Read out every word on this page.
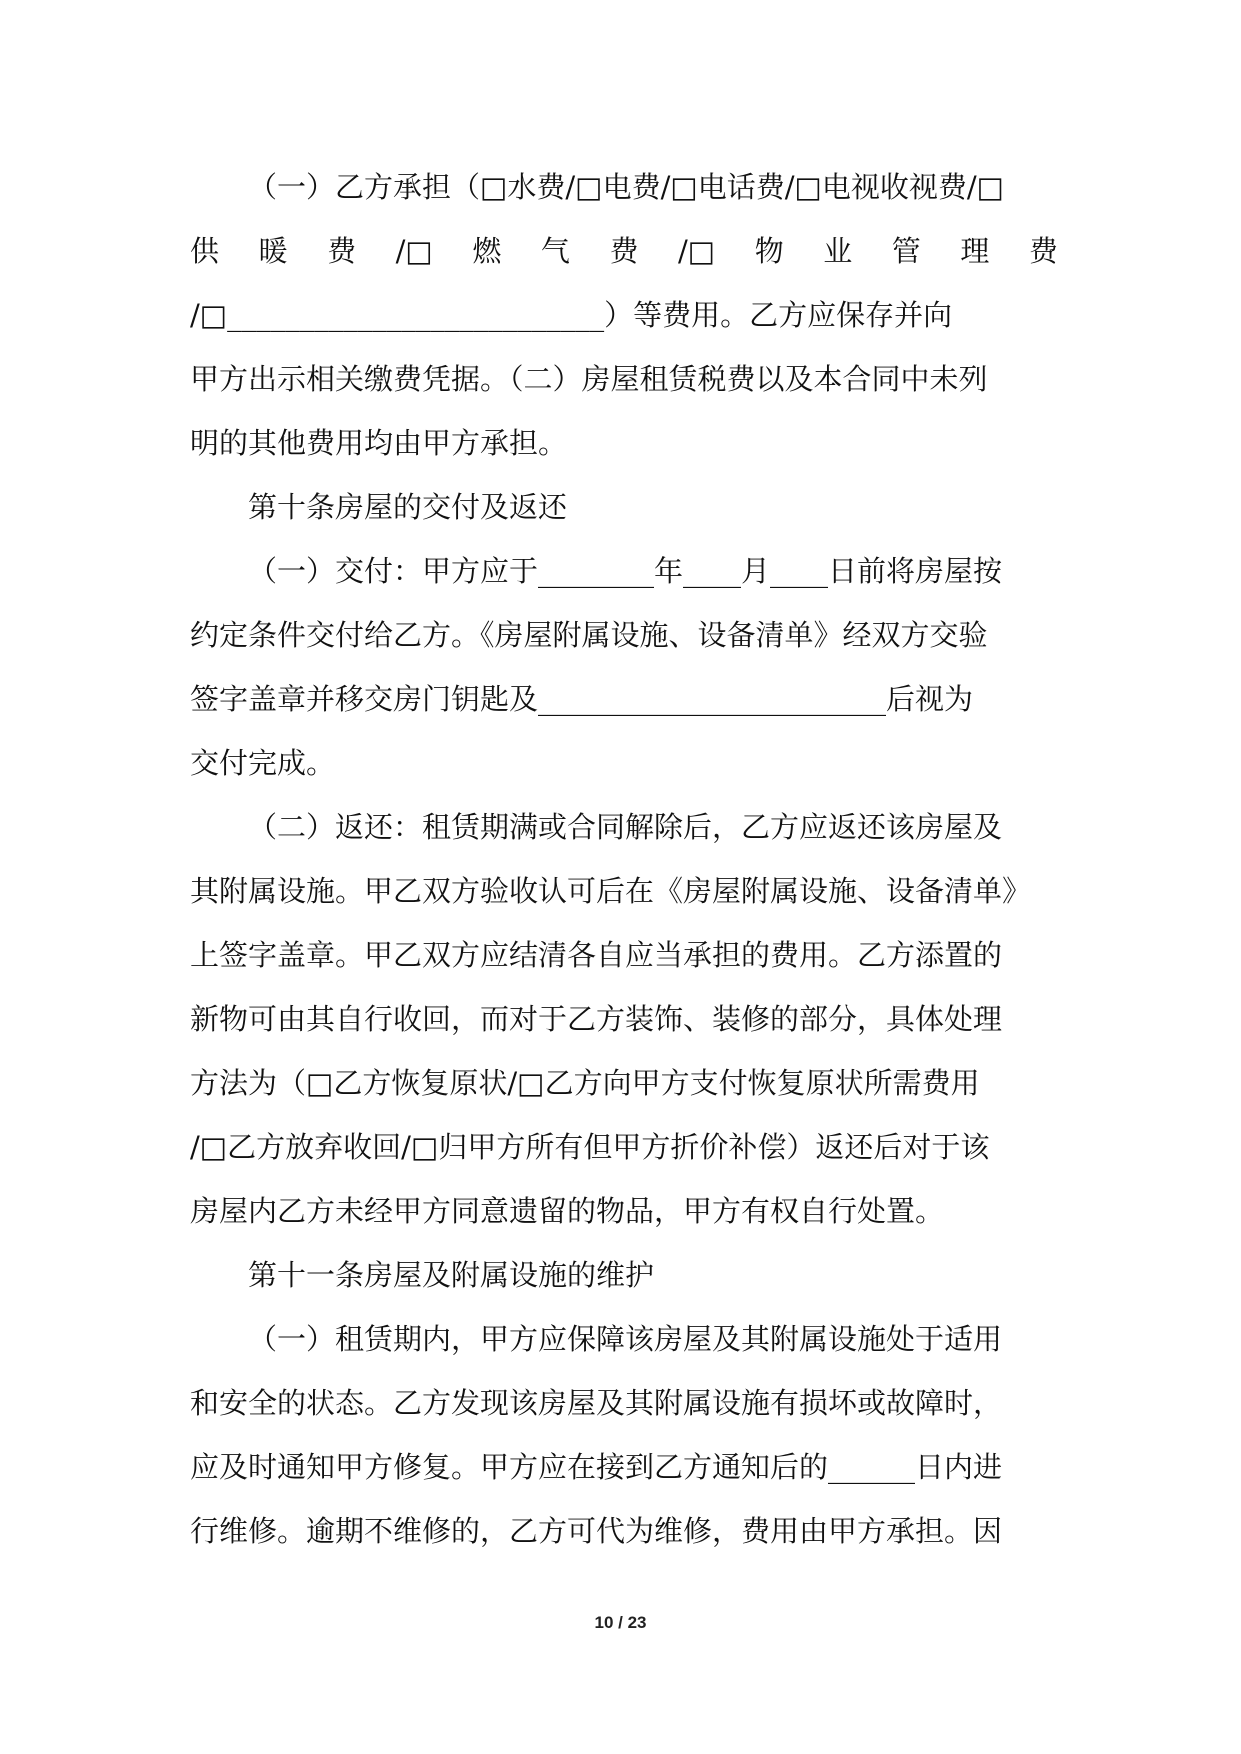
（一）乙方承担（□水费/□电费/□电话费/□电视收视费/□
供 暖 费 /□ 燃 气 费 /□ 物 业 管 理 费
/□__________________________）等费用。乙方应保存并向
甲方出示相关缴费凭据。（二）房屋租赁税费以及本合同中未列
明的其他费用均由甲方承担。
第十条房屋的交付及返还
（一）交付：甲方应于________年____月____日前将房屋按
约定条件交付给乙方。《房屋附属设施、设备清单》经双方交验
签字盖章并移交房门钥匙及________________________后视为
交付完成。
（二）返还：租赁期满或合同解除后，乙方应返还该房屋及
其附属设施。甲乙双方验收认可后在《房屋附属设施、设备清单》
上签字盖章。甲乙双方应结清各自应当承担的费用。乙方添置的
新物可由其自行收回，而对于乙方装饰、装修的部分，具体处理
方法为（□乙方恢复原状/□乙方向甲方支付恢复原状所需费用
/□乙方放弃收回/□归甲方所有但甲方折价补偿）返还后对于该
房屋内乙方未经甲方同意遗留的物品，甲方有权自行处置。
第十一条房屋及附属设施的维护
（一）租赁期内，甲方应保障该房屋及其附属设施处于适用
和安全的状态。乙方发现该房屋及其附属设施有损坏或故障时，
应及时通知甲方修复。甲方应在接到乙方通知后的______日内进
行维修。逾期不维修的，乙方可代为维修，费用由甲方承担。因
10 / 23
